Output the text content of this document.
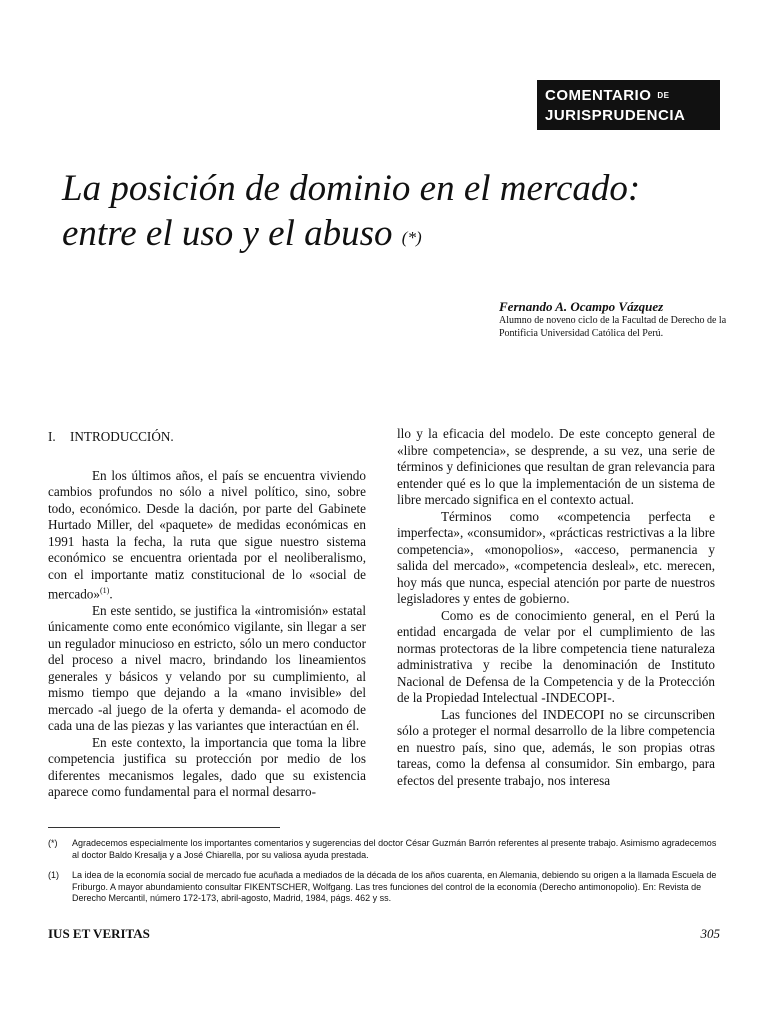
COMENTARIO DE
JURISPRUDENCIA
La posición de dominio en el mercado: entre el uso y el abuso (*)
Fernando A. Ocampo Vázquez
Alumno de noveno ciclo de la Facultad de Derecho de la Pontificia Universidad Católica del Perú.
I. INTRODUCCIÓN.

En los últimos años, el país se encuentra viviendo cambios profundos no sólo a nivel político, sino, sobre todo, económico. Desde la dación, por parte del Gabinete Hurtado Miller, del «paquete» de medidas económicas en 1991 hasta la fecha, la ruta que sigue nuestro sistema económico se encuentra orientada por el neoliberalismo, con el importante matiz constitucional de lo «social de mercado»$^{(1)}$.

En este sentido, se justifica la «intromisión» estatal únicamente como ente económico vigilante, sin llegar a ser un regulador minucioso en estricto, sólo un mero conductor del proceso a nivel macro, brindando los lineamientos generales y básicos y velando por su cumplimiento, al mismo tiempo que dejando a la «mano invisible» del mercado -al juego de la oferta y demanda- el acomodo de cada una de las piezas y las variantes que interactúan en él.

En este contexto, la importancia que toma la libre competencia justifica su protección por medio de los diferentes mecanismos legales, dado que su existencia aparece como fundamental para el normal desarro-

llo y la eficacia del modelo. De este concepto general de «libre competencia», se desprende, a su vez, una serie de términos y definiciones que resultan de gran relevancia para entender qué es lo que la implementación de un sistema de libre mercado significa en el contexto actual.

Términos como «competencia perfecta e imperfecta», «consumidor», «prácticas restrictivas a la libre competencia», «monopolios», «acceso, permanencia y salida del mercado», «competencia desleal», etc. merecen, hoy más que nunca, especial atención por parte de nuestros legisladores y entes de gobierno.

Como es de conocimiento general, en el Perú la entidad encargada de velar por el cumplimiento de las normas protectoras de la libre competencia tiene naturaleza administrativa y recibe la denominación de Instituto Nacional de Defensa de la Competencia y de la Protección de la Propiedad Intelectual -INDECOPI-.

Las funciones del INDECOPI no se circunscriben sólo a proteger el normal desarrollo de la libre competencia en nuestro país, sino que, además, le son propias otras tareas, como la defensa al consumidor. Sin embargo, para efectos del presente trabajo, nos interesa

(*)	Agradecemos especialmente los importantes comentarios y sugerencias del doctor César Guzmán Barrón referentes al presente trabajo. Asimismo agradecemos al doctor Baldo Kresalja y a José Chiarella, por su valiosa ayuda prestada.
(1)	La idea de la economía social de mercado fue acuñada a mediados de la década de los años cuarenta, en Alemania, debiendo su origen a la llamada Escuela de Friburgo. A mayor abundamiento consultar FIKENTSCHER, Wolfgang. Las tres funciones del control de la economía (Derecho antimonopolio). En: Revista de Derecho Mercantil, número 172-173, abril-agosto, Madrid, 1984, págs. 462 y ss.
IUS ET VERITAS	305
